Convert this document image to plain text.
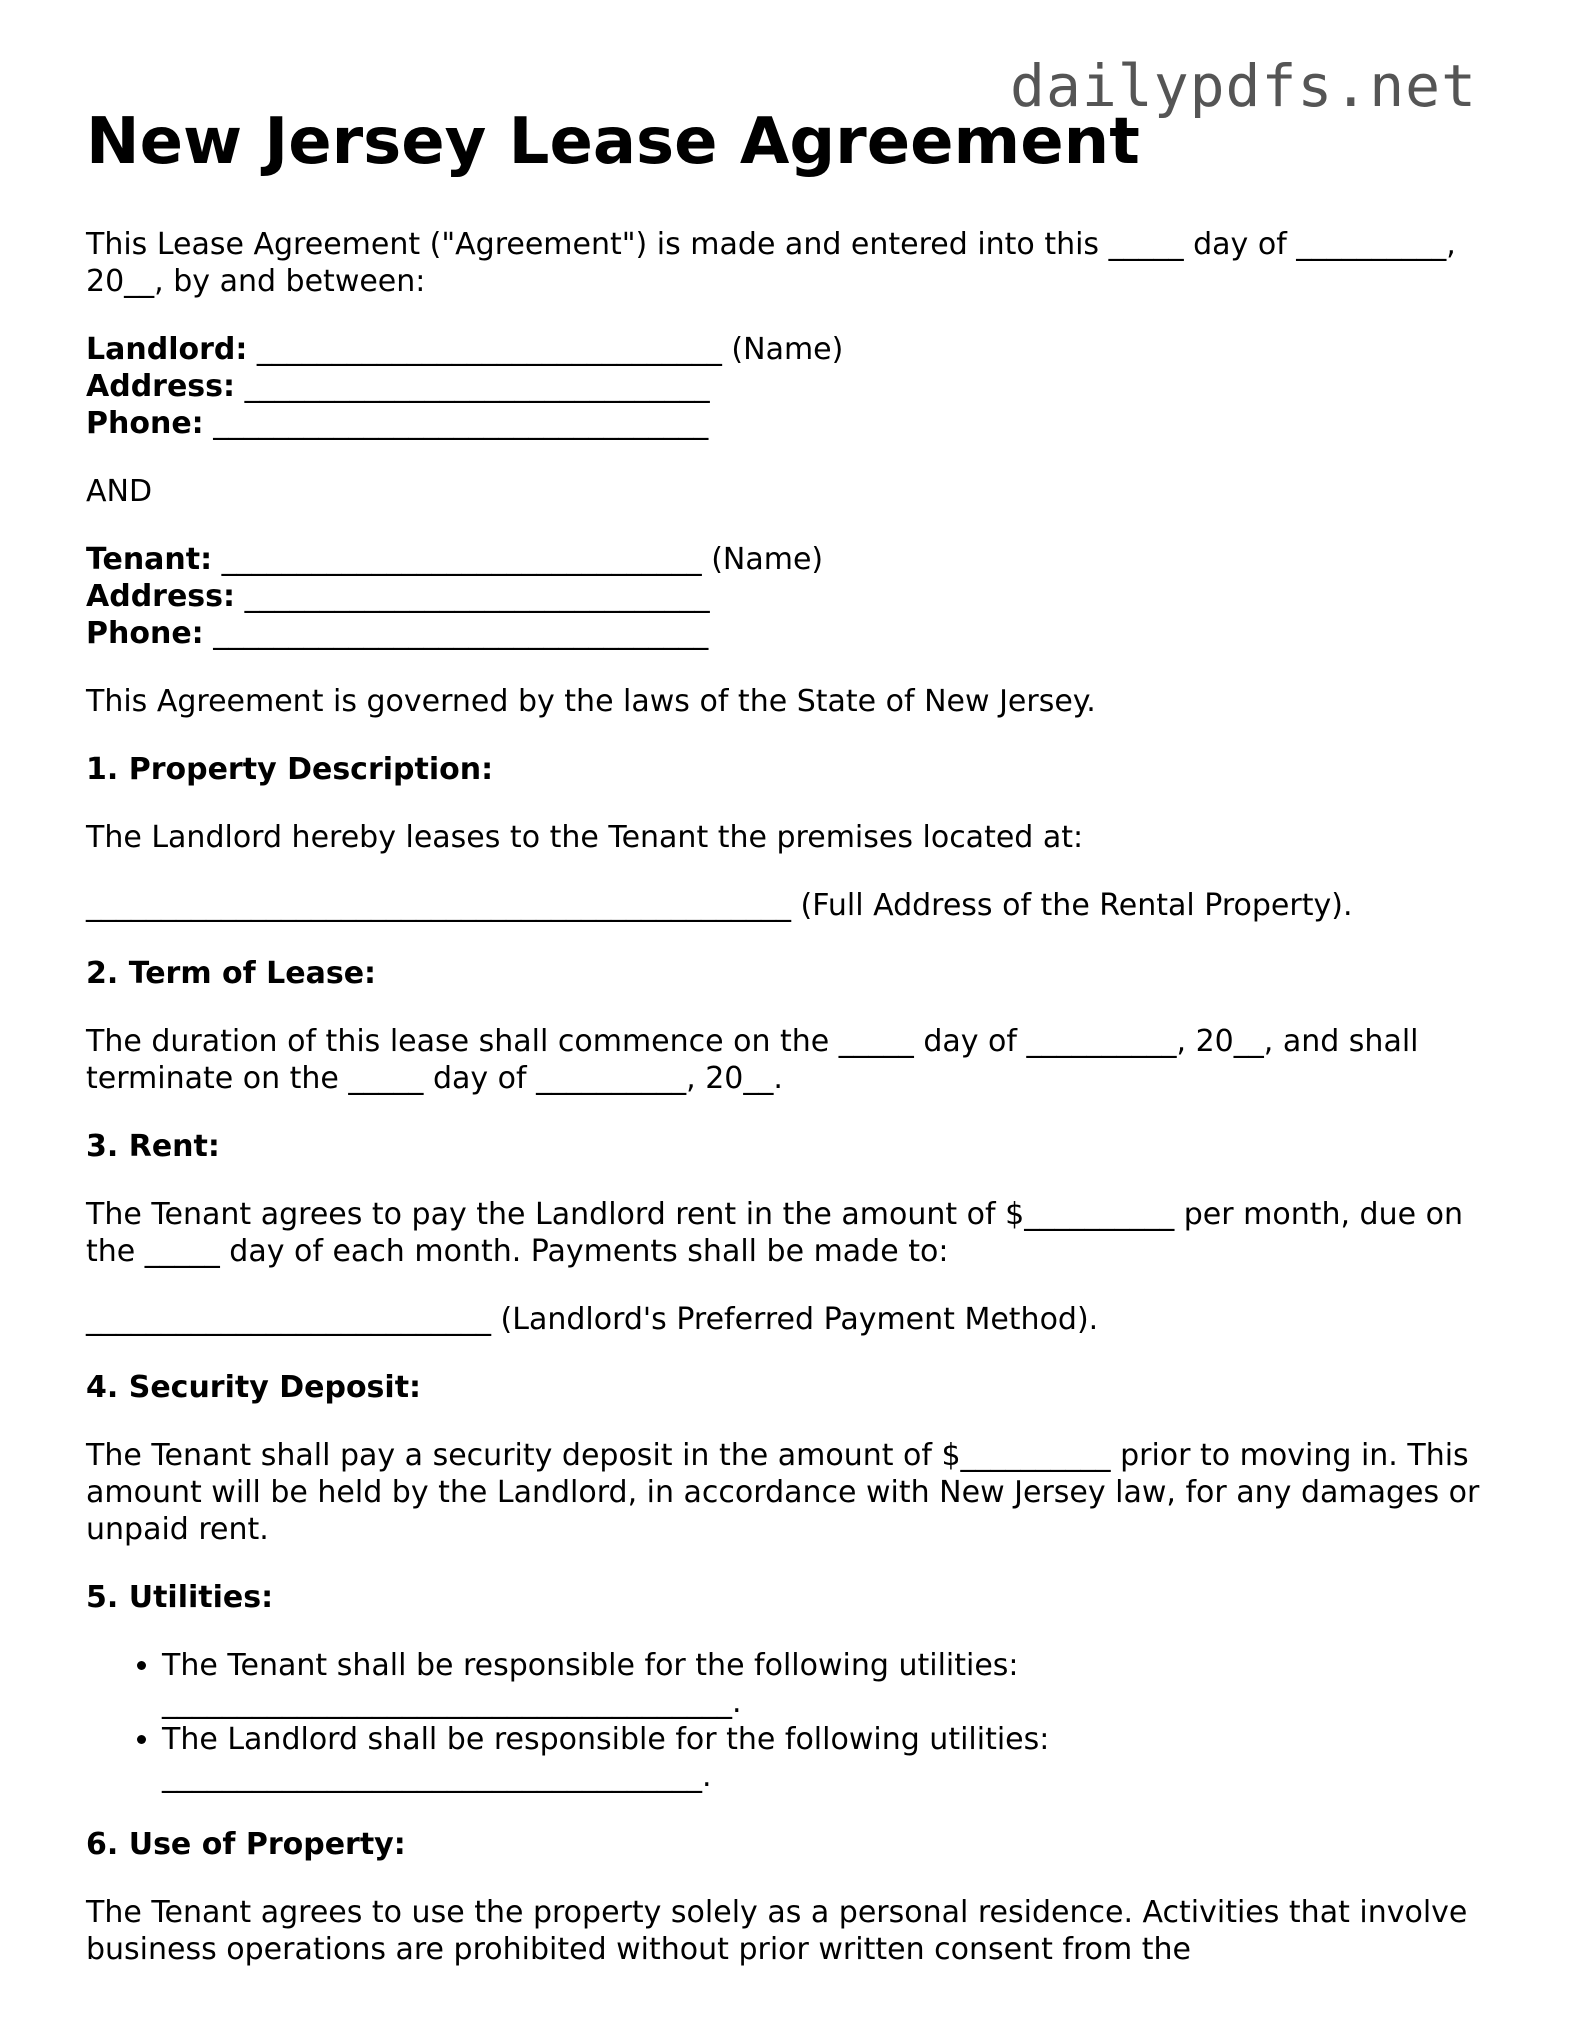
dailypdfs.net
New Jersey Lease Agreement

This Lease Agreement ("Agreement") is made and entered into this _____ day of __________, 20__, by and between:

Landlord: _______________________________ (Name)

Address: _______________________________

Phone: _________________________________

AND

Tenant: ________________________________ (Name)

Address: _______________________________

Phone: _________________________________

This Agreement is governed by the laws of the State of New Jersey.

1. Property Description:

The Landlord hereby leases to the Tenant the premises located at:

_______________________________________________ (Full Address of the Rental Property).

2. Term of Lease:

The duration of this lease shall commence on the _____ day of __________, 20__, and shall terminate on the _____ day of __________, 20__.

3. Rent:

The Tenant agrees to pay the Landlord rent in the amount of $__________ per month, due on the _____ day of each month. Payments shall be made to:

___________________________ (Landlord's Preferred Payment Method).

4. Security Deposit:

The Tenant shall pay a security deposit in the amount of $__________ prior to moving in. This amount will be held by the Landlord, in accordance with New Jersey law, for any damages or unpaid rent.

5. Utilities:
• The Tenant shall be responsible for the following utilities: ______________________________________.
• The Landlord shall be responsible for the following utilities: ____________________________________.
6. Use of Property:

The Tenant agrees to use the property solely as a personal residence. Activities that involve business operations are prohibited without prior written consent from the
